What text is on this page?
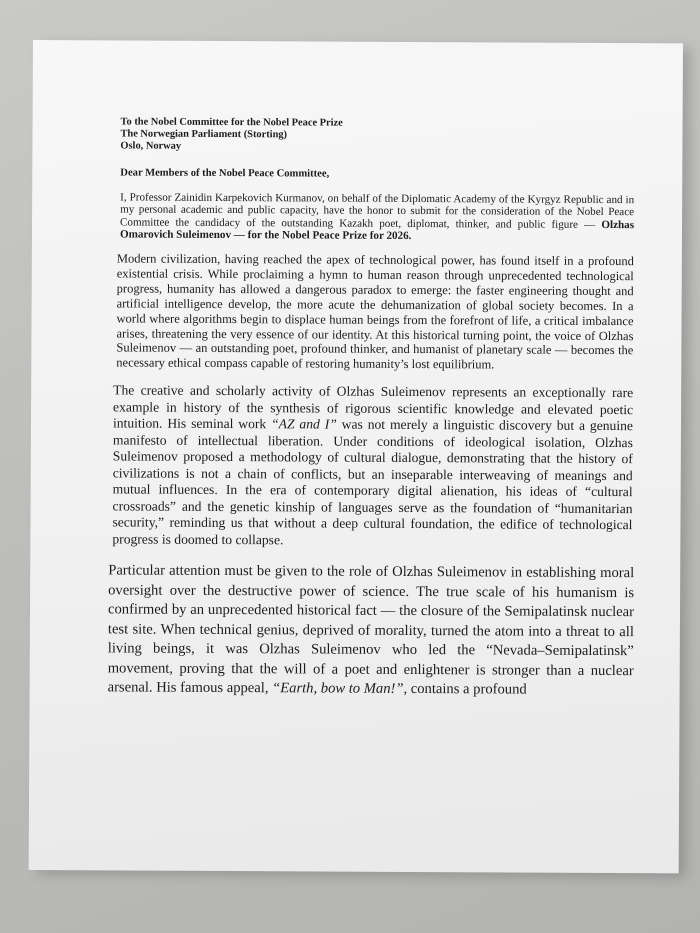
To the Nobel Committee for the Nobel Peace Prize
The Norwegian Parliament (Storting)
Oslo, Norway
Dear Members of the Nobel Peace Committee,

I, Professor Zainidin Karpekovich Kurmanov, on behalf of the Diplomatic Academy of the Kyrgyz Republic and in my personal academic and public capacity, have the honor to submit for the consideration of the Nobel Peace Committee the candidacy of the outstanding Kazakh poet, diplomat, thinker, and public figure — Olzhas Omarovich Suleimenov — for the Nobel Peace Prize for 2026.

Modern civilization, having reached the apex of technological power, has found itself in a profound existential crisis. While proclaiming a hymn to human reason through unprecedented technological progress, humanity has allowed a dangerous paradox to emerge: the faster engineering thought and artificial intelligence develop, the more acute the dehumanization of global society becomes. In a world where algorithms begin to displace human beings from the forefront of life, a critical imbalance arises, threatening the very essence of our identity. At this historical turning point, the voice of Olzhas Suleimenov — an outstanding poet, profound thinker, and humanist of planetary scale — becomes the necessary ethical compass capable of restoring humanity’s lost equilibrium.

The creative and scholarly activity of Olzhas Suleimenov represents an exceptionally rare example in history of the synthesis of rigorous scientific knowledge and elevated poetic intuition. His seminal work “AZ and I” was not merely a linguistic discovery but a genuine manifesto of intellectual liberation. Under conditions of ideological isolation, Olzhas Suleimenov proposed a methodology of cultural dialogue, demonstrating that the history of civilizations is not a chain of conflicts, but an inseparable interweaving of meanings and mutual influences. In the era of contemporary digital alienation, his ideas of “cultural crossroads” and the genetic kinship of languages serve as the foundation of “humanitarian security,” reminding us that without a deep cultural foundation, the edifice of technological progress is doomed to collapse.

Particular attention must be given to the role of Olzhas Suleimenov in establishing moral oversight over the destructive power of science. The true scale of his humanism is confirmed by an unprecedented historical fact — the closure of the Semipalatinsk nuclear test site. When technical genius, deprived of morality, turned the atom into a threat to all living beings, it was Olzhas Suleimenov who led the “Nevada–Semipalatinsk” movement, proving that the will of a poet and enlightener is stronger than a nuclear arsenal. His famous appeal, “Earth, bow to Man!”, contains a profound
